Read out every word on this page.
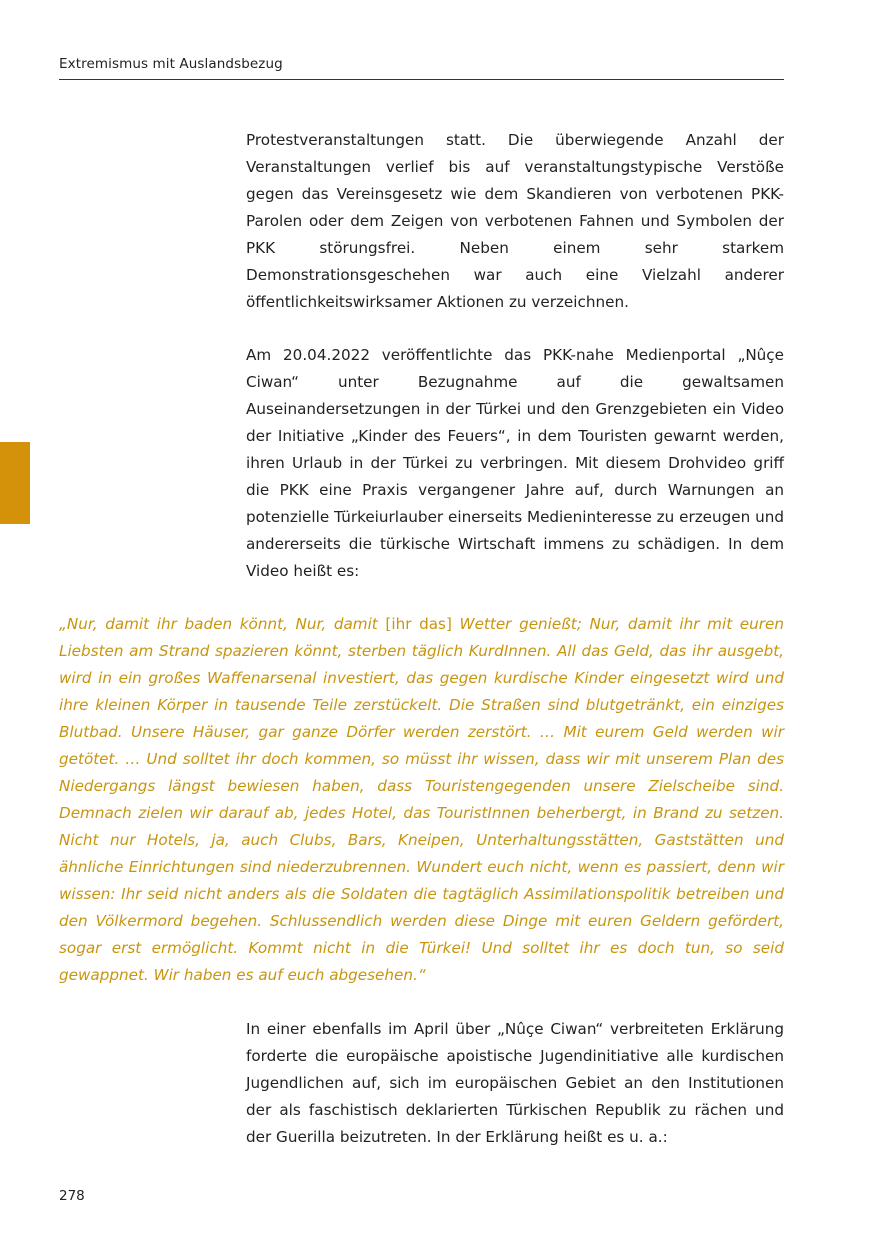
Extremismus mit Auslandsbezug

Protestveranstaltungen statt. Die überwiegende Anzahl der Veranstaltungen verlief bis auf veranstaltungstypische Verstöße gegen das Vereinsgesetz wie dem Skandieren von verbotenen PKK-Parolen oder dem Zeigen von verbotenen Fahnen und Symbolen der PKK störungsfrei. Neben einem sehr starkem Demonstrationsgeschehen war auch eine Vielzahl anderer öffentlichkeitswirksamer Aktionen zu verzeichnen.

Am 20.04.2022 veröffentlichte das PKK-nahe Medienportal „Nûçe Ciwan“ unter Bezugnahme auf die gewaltsamen Auseinandersetzungen in der Türkei und den Grenzgebieten ein Video der Initiative „Kinder des Feuers“, in dem Touristen gewarnt werden, ihren Urlaub in der Türkei zu verbringen. Mit diesem Drohvideo griff die PKK eine Praxis vergangener Jahre auf, durch Warnungen an potenzielle Türkeiurlauber einerseits Medieninteresse zu erzeugen und andererseits die türkische Wirtschaft immens zu schädigen. In dem Video heißt es:

„Nur, damit ihr baden könnt, Nur, damit [ihr das] Wetter genießt; Nur, damit ihr mit euren Liebsten am Strand spazieren könnt, sterben täglich KurdInnen. All das Geld, das ihr ausgebt, wird in ein großes Waffenarsenal investiert, das gegen kurdische Kinder eingesetzt wird und ihre kleinen Körper in tausende Teile zerstückelt. Die Straßen sind blutgetränkt, ein einziges Blutbad. Unsere Häuser, gar ganze Dörfer werden zerstört. … Mit eurem Geld werden wir getötet. … Und solltet ihr doch kommen, so müsst ihr wissen, dass wir mit unserem Plan des Niedergangs längst bewiesen haben, dass Touristengegenden unsere Zielscheibe sind. Demnach zielen wir darauf ab, jedes Hotel, das TouristInnen beherbergt, in Brand zu setzen. Nicht nur Hotels, ja, auch Clubs, Bars, Kneipen, Unterhaltungsstätten, Gaststätten und ähnliche Einrichtungen sind niederzubrennen. Wundert euch nicht, wenn es passiert, denn wir wissen: Ihr seid nicht anders als die Soldaten die tagtäglich Assimilationspolitik betreiben und den Völkermord begehen. Schlussendlich werden diese Dinge mit euren Geldern gefördert, sogar erst ermöglicht. Kommt nicht in die Türkei! Und solltet ihr es doch tun, so seid gewappnet. Wir haben es auf euch abgesehen.“

In einer ebenfalls im April über „Nûçe Ciwan“ verbreiteten Erklärung forderte die europäische apoistische Jugendinitiative alle kurdischen Jugendlichen auf, sich im europäischen Gebiet an den Institutionen der als faschistisch deklarierten Türkischen Republik zu rächen und der Guerilla beizutreten. In der Erklärung heißt es u. a.:

278
